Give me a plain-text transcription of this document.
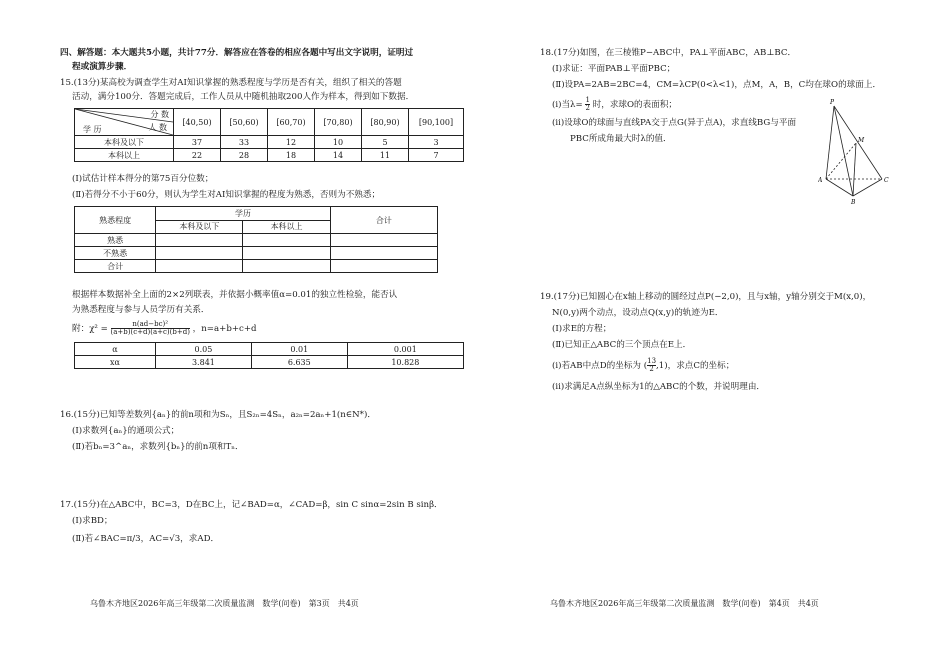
四、解答题：本大题共5小题，共计77分．解答应在答卷的相应各题中写出文字说明，证明过
程或演算步骤．
15.(13分)某高校为调查学生对AI知识掌握的熟悉程度与学历是否有关，组织了相关的答题
活动，满分100分．答题完成后，工作人员从中随机抽取200人作为样本，得到如下数据．
分 数
人 数
学 历	[40,50)	[50,60)	[60,70)	[70,80)	[80,90)	[90,100]
本科及以下	37	33	12	10	5	3
本科以上	22	28	18	14	11	7
(Ⅰ)试估计样本得分的第75百分位数；
(Ⅱ)若得分不小于60分，则认为学生对AI知识掌握的程度为熟悉，否则为不熟悉；
熟悉程度	学历		合计
	本科及以下	本科以上	
熟悉			
不熟悉			
合计			
根据样本数据补全上面的2×2列联表，并依据小概率值α=0.01的独立性检验，能否认
为熟悉程度与参与人员学历有关系．
附：$\chi^2 = \frac{\text{n(ad−bc)²}}{(a+b)(c+d)(a+c)(b+d)}$ ，n=a+b+c+d
α	0.05	0.01	0.001
xα	3.841	6.635	10.828
16.(15分)已知等差数列{aₙ}的前n项和为Sₙ，且S₂ₙ=4Sₙ，a₂ₙ=2aₙ+1(n∈N*)．
(Ⅰ)求数列{aₙ}的通项公式；
(Ⅱ)若bₙ=3^aₙ，求数列{bₙ}的前n项和Tₙ．
17.(15分)在△ABC中，BC=3，D在BC上，记∠BAD=α，∠CAD=β，sin C sinα=2sin B sinβ．
(Ⅰ)求BD；
(Ⅱ)若∠BAC=π/3，AC=√3，求AD．
乌鲁木齐地区2026年高三年级第二次质量监测　数学(问卷)　第3页　共4页
18.(17分)如图，在三棱锥P−ABC中，PA⊥平面ABC，AB⊥BC．
(Ⅰ)求证：平面PAB⊥平面PBC；
(Ⅱ)设PA=2AB=2BC=4，CM=λCP(0<λ<1)，点M，A，B，C均在球O的球面上．
(ⅰ)当$\lambda= \frac{1}{2}$ 时，求球O的表面积；
(ⅱ)设球O的球面与直线PA交于点G(异于点A)，求直线BG与平面
PBC所成角最大时λ的值．
P
M
A	C
B
19.(17分)已知圆心在x轴上移动的圆经过点P(−2,0)，且与x轴，y轴分别交于M(x,0)，
N(0,y)两个动点，设动点Q(x,y)的轨迹为E．
(Ⅰ)求E的方程；
(Ⅱ)已知正△ABC的三个顶点在E上．
(ⅰ)若AB中点D的坐标为 ( $\frac{13}{2} ,1$)，求点C的坐标；
(ⅱ)求满足A点纵坐标为1的△ABC的个数，并说明理由．
乌鲁木齐地区2026年高三年级第二次质量监测　数学(问卷)　第4页　共4页
